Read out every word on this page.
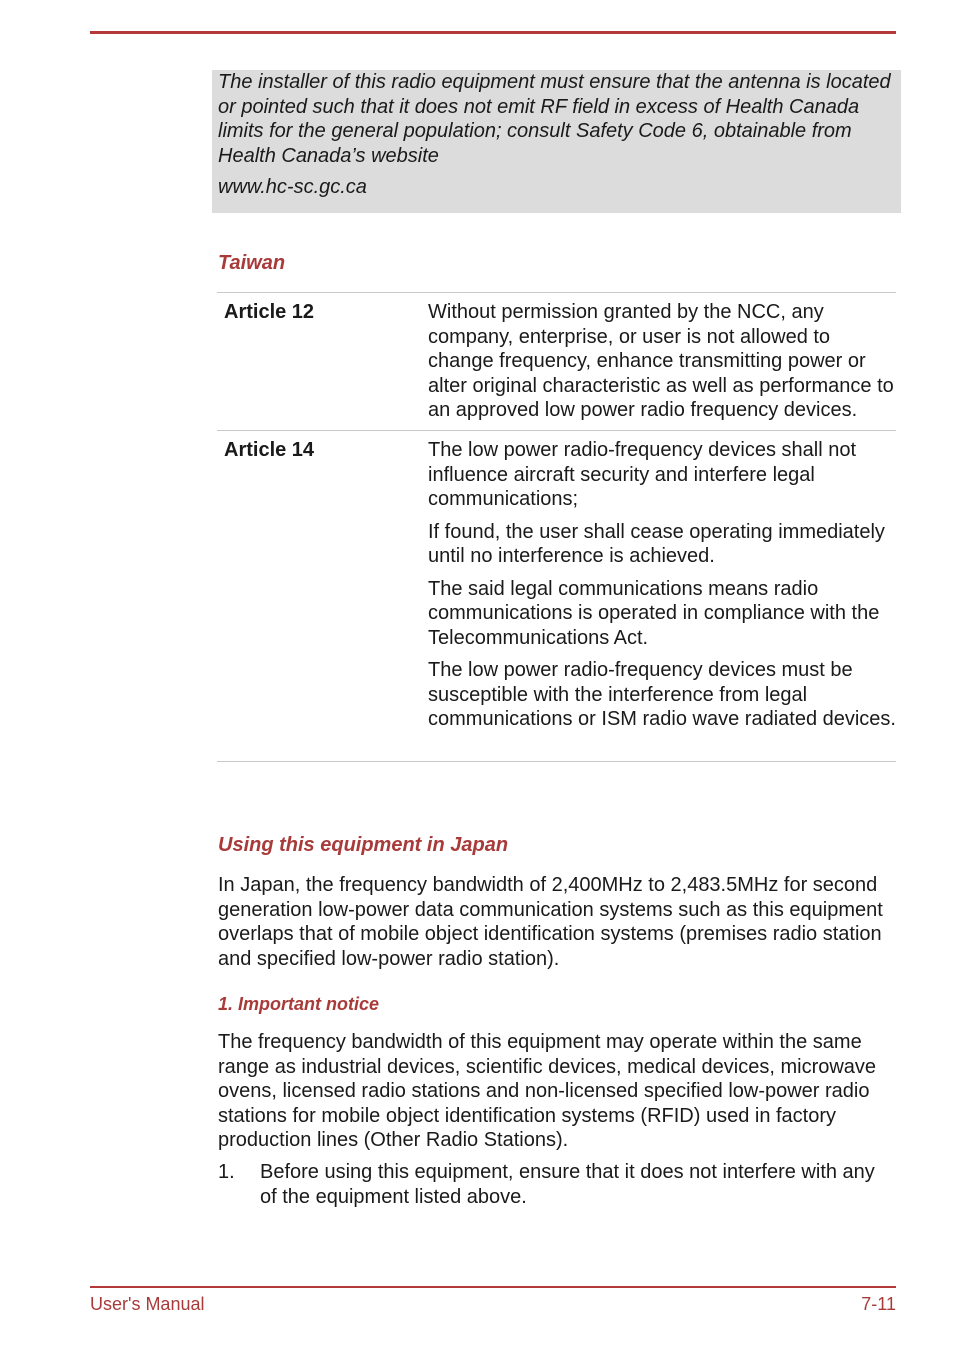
The installer of this radio equipment must ensure that the antenna is located or pointed such that it does not emit RF field in excess of Health Canada limits for the general population; consult Safety Code 6, obtainable from Health Canada’s website
www.hc-sc.gc.ca
Taiwan
Article 12	Without permission granted by the NCC, any company, enterprise, or user is not allowed to change frequency, enhance transmitting power or alter original characteristic as well as performance to an approved low power radio frequency devices.

Article 14	The low power radio-frequency devices shall not influence aircraft security and interfere legal communications;

If found, the user shall cease operating immediately until no interference is achieved.

The said legal communications means radio communications is operated in compliance with the Telecommunications Act.

The low power radio-frequency devices must be susceptible with the interference from legal communications or ISM radio wave radiated devices.

Using this equipment in Japan

In Japan, the frequency bandwidth of 2,400MHz to 2,483.5MHz for second generation low-power data communication systems such as this equipment overlaps that of mobile object identification systems (premises radio station and specified low-power radio station).

1. Important notice

The frequency bandwidth of this equipment may operate within the same range as industrial devices, scientific devices, medical devices, microwave ovens, licensed radio stations and non-licensed specified low-power radio stations for mobile object identification systems (RFID) used in factory production lines (Other Radio Stations).

1. Before using this equipment, ensure that it does not interfere with any of the equipment listed above.
User's Manual	7-11
